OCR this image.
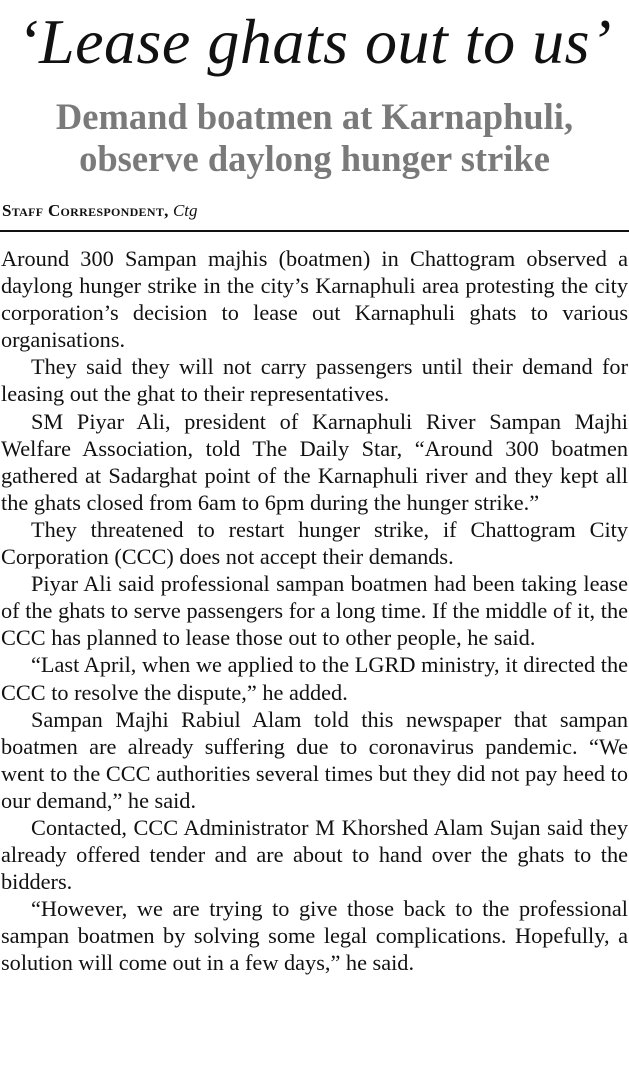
‘Lease ghats out to us’
Demand boatmen at Karnaphuli,
observe daylong hunger strike
Staff Correspondent, Ctg

Around 300 Sampan majhis (boatmen) in Chattogram observed a daylong hunger strike in the city’s Karnaphuli area protesting the city corporation’s decision to lease out Karnaphuli ghats to various organisations.

They said they will not carry passengers until their demand for leasing out the ghat to their representatives.

SM Piyar Ali, president of Karnaphuli River Sampan Majhi Welfare Association, told The Daily Star, “Around 300 boatmen gathered at Sadarghat point of the Karnaphuli river and they kept all the ghats closed from 6am to 6pm during the hunger strike.”

They threatened to restart hunger strike, if Chattogram City Corporation (CCC) does not accept their demands.

Piyar Ali said professional sampan boatmen had been taking lease of the ghats to serve passengers for a long time. If the middle of it, the CCC has planned to lease those out to other people, he said.

“Last April, when we applied to the LGRD ministry, it directed the CCC to resolve the dispute,” he added.

Sampan Majhi Rabiul Alam told this newspaper that sampan boatmen are already suffering due to coronavirus pandemic. “We went to the CCC authorities several times but they did not pay heed to our demand,” he said.

Contacted, CCC Administrator M Khorshed Alam Sujan said they already offered tender and are about to hand over the ghats to the bidders.

“However, we are trying to give those back to the professional sampan boatmen by solving some legal complications. Hopefully, a solution will come out in a few days,” he said.
